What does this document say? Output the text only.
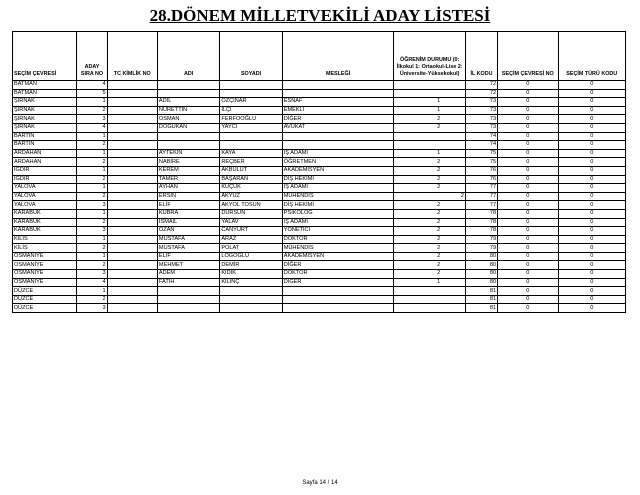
28.DÖNEM MİLLETVEKİLİ ADAY LİSTESİ
SEÇİM ÇEVRESİ	ADAY SIRA NO	TC KİMLİK NO	ADI	SOYADI	MESLEĞİ	ÖĞRENİM DURUMU (0: İlkokul 1: Ortaokul-Lise 2: Üniversite-Yüksekokul)	İL KODU	SEÇİM ÇEVRESİ NO	SEÇİM TÜRÜ KODU
BATMAN	4						72	0	0
BATMAN	5						72	0	0
ŞIRNAK	1		ADİL	ÖZÇINAR	ESNAF	1	73	0	0
ŞIRNAK	2		NURETTİN	İLÇİ	EMEKLİ	1	73	0	0
ŞIRNAK	3		OSMAN	FERFOOĞLU	DİĞER	2	73	0	0
ŞIRNAK	4		DOĞUKAN	YAYCI	AVUKAT	2	73	0	0
BARTIN	1						74	0	0
BARTIN	2						74	0	0
ARDAHAN	1		AYTEKİN	KAYA	İŞ ADAMI	1	75	0	0
ARDAHAN	2		NABİRE	REÇBER	ÖĞRETMEN	2	75	0	0
IĞDIR	1		KEREM	AKBULUT	AKADEMİSYEN	2	76	0	0
IĞDIR	2		TAMER	BAŞARAN	DİŞ HEKİMİ	2	76	0	0
YALOVA	1		AYHAN	KÜÇÜK	İŞ ADAMI	2	77	0	0
YALOVA	2		ERSİN	AKYÜZ	MÜHENDİS	2	77	0	0
YALOVA	3		ELİF	AKYOL TOSUN	DİŞ HEKİMİ	2	77	0	0
KARABÜK	1		KÜBRA	DURSUN	PSİKOLOG	2	78	0	0
KARABÜK	2		İSMAİL	YALAV	İŞ ADAMI	2	78	0	0
KARABÜK	3		OZAN	CANYURT	YÖNETİCİ	2	78	0	0
KİLİS	1		MUSTAFA	ARAZ	DOKTOR	2	79	0	0
KİLİS	2		MUSTAFA	POLAT	MÜHENDİS	2	79	0	0
OSMANİYE	1		ELİF	LOĞOĞLU	AKADEMİSYEN	2	80	0	0
OSMANİYE	2		MEHMET	DEMİR	DİĞER	2	80	0	0
OSMANİYE	3		ADEM	KIDIK	DOKTOR	2	80	0	0
OSMANİYE	4		FATİH	KILINÇ	DİĞER	1	80	0	0
DÜZCE	1						81	0	0
DÜZCE	2						81	0	0
DÜZCE	3						81	0	0
Sayfa 14 / 14
